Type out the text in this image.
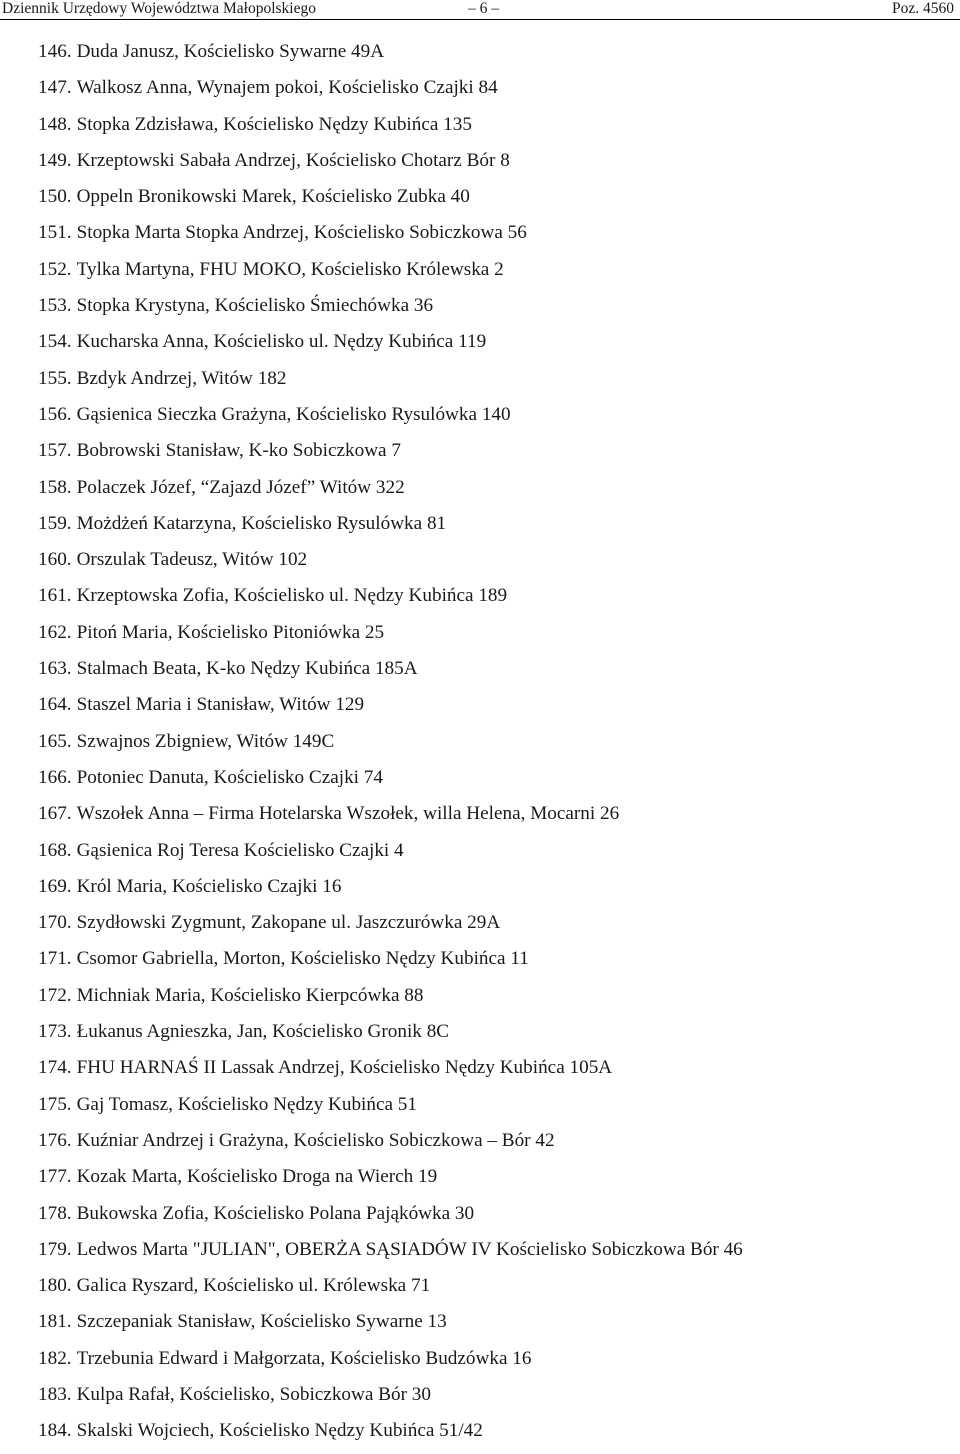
Dziennik Urzędowy Województwa Małopolskiego	– 6 –	Poz. 4560
146. Duda Janusz, Kościelisko Sywarne 49A
147. Walkosz Anna, Wynajem pokoi, Kościelisko Czajki 84
148. Stopka Zdzisława, Kościelisko Nędzy Kubińca 135
149. Krzeptowski Sabała Andrzej, Kościelisko Chotarz Bór 8
150. Oppeln Bronikowski Marek, Kościelisko Zubka 40
151. Stopka Marta Stopka Andrzej, Kościelisko Sobiczkowa 56
152. Tylka Martyna, FHU MOKO, Kościelisko Królewska 2
153. Stopka Krystyna, Kościelisko Śmiechówka 36
154. Kucharska Anna, Kościelisko ul. Nędzy Kubińca 119
155. Bzdyk Andrzej, Witów 182
156. Gąsienica Sieczka Grażyna, Kościelisko Rysulówka 140
157. Bobrowski Stanisław, K-ko Sobiczkowa 7
158. Polaczek Józef, “Zajazd Józef” Witów 322
159. Możdżeń Katarzyna, Kościelisko Rysulówka 81
160. Orszulak Tadeusz, Witów 102
161. Krzeptowska Zofia, Kościelisko ul. Nędzy Kubińca 189
162. Pitoń Maria, Kościelisko Pitoniówka 25
163. Stalmach Beata, K-ko Nędzy Kubińca 185A
164. Staszel Maria i Stanisław, Witów 129
165. Szwajnos Zbigniew, Witów 149C
166. Potoniec Danuta, Kościelisko Czajki 74
167. Wszołek Anna – Firma Hotelarska Wszołek, willa Helena, Mocarni 26
168. Gąsienica Roj Teresa Kościelisko Czajki 4
169. Król Maria, Kościelisko Czajki 16
170. Szydłowski Zygmunt, Zakopane ul. Jaszczurówka 29A
171. Csomor Gabriella, Morton, Kościelisko Nędzy Kubińca 11
172. Michniak Maria, Kościelisko Kierpcówka 88
173. Łukanus Agnieszka, Jan, Kościelisko Gronik 8C
174. FHU HARNAŚ II Lassak Andrzej, Kościelisko Nędzy Kubińca 105A
175. Gaj Tomasz, Kościelisko Nędzy Kubińca 51
176. Kuźniar Andrzej i Grażyna, Kościelisko Sobiczkowa – Bór 42
177. Kozak Marta, Kościelisko Droga na Wierch 19
178. Bukowska Zofia, Kościelisko Polana Pająkówka 30
179. Ledwos Marta "JULIAN", OBERŻA SĄSIADÓW IV Kościelisko Sobiczkowa Bór 46
180. Galica Ryszard, Kościelisko ul. Królewska 71
181. Szczepaniak Stanisław, Kościelisko Sywarne 13
182. Trzebunia Edward i Małgorzata, Kościelisko Budzówka 16
183. Kulpa Rafał, Kościelisko, Sobiczkowa Bór 30
184. Skalski Wojciech, Kościelisko Nędzy Kubińca 51/42
